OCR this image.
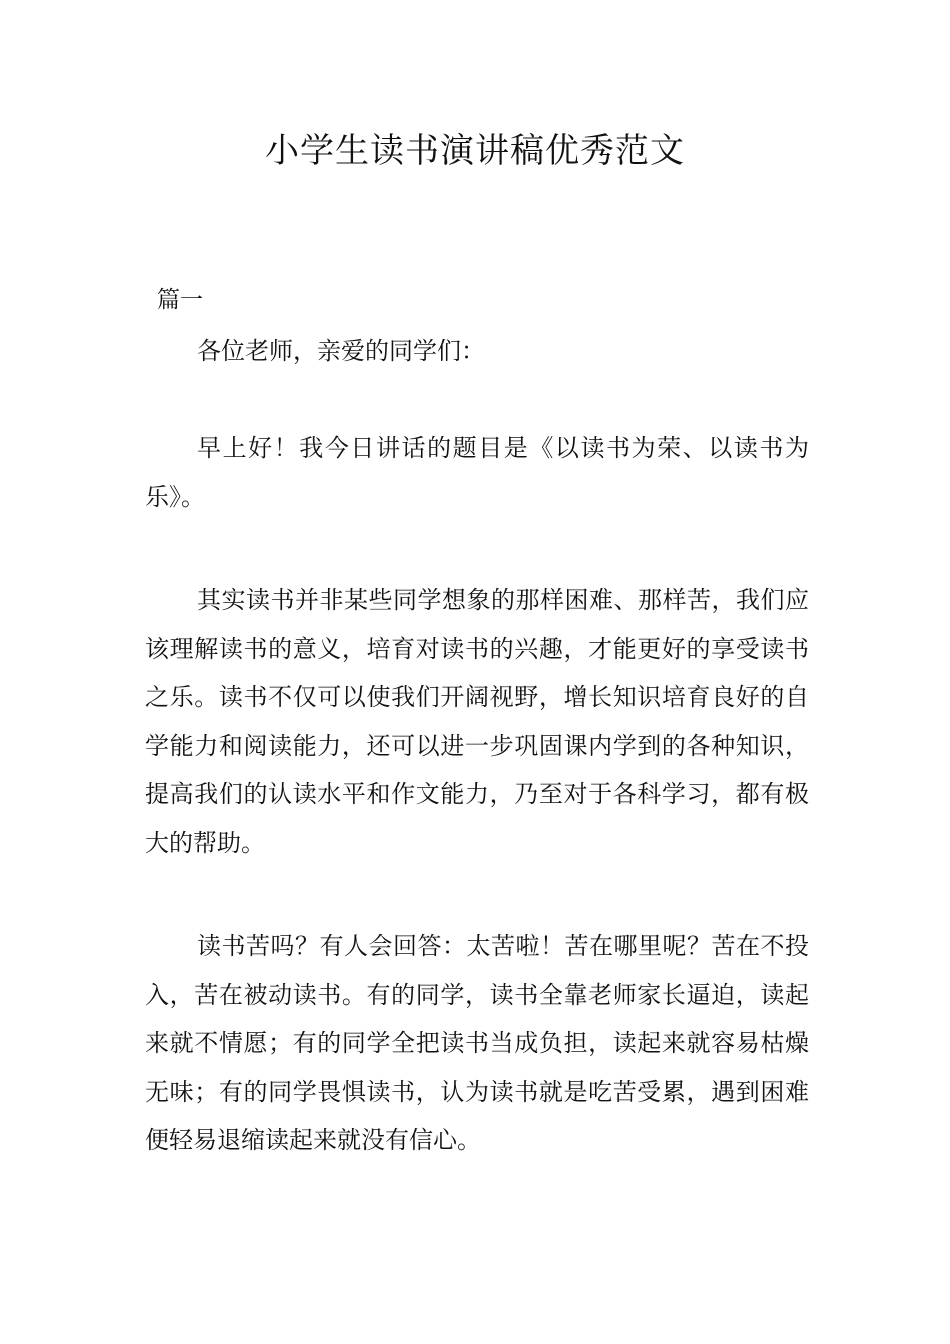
小学生读书演讲稿优秀范文

篇一

各位老师，亲爱的同学们：

早上好！我今日讲话的题目是《以读书为荣、以读书为乐》。

其实读书并非某些同学想象的那样困难、那样苦，我们应该理解读书的意义，培育对读书的兴趣，才能更好的享受读书之乐。读书不仅可以使我们开阔视野，增长知识培育良好的自学能力和阅读能力，还可以进一步巩固课内学到的各种知识，提高我们的认读水平和作文能力，乃至对于各科学习，都有极大的帮助。

读书苦吗？有人会回答：太苦啦！苦在哪里呢？苦在不投入，苦在被动读书。有的同学，读书全靠老师家长逼迫，读起来就不情愿；有的同学全把读书当成负担，读起来就容易枯燥无味；有的同学畏惧读书，认为读书就是吃苦受累，遇到困难便轻易退缩读起来就没有信心。
